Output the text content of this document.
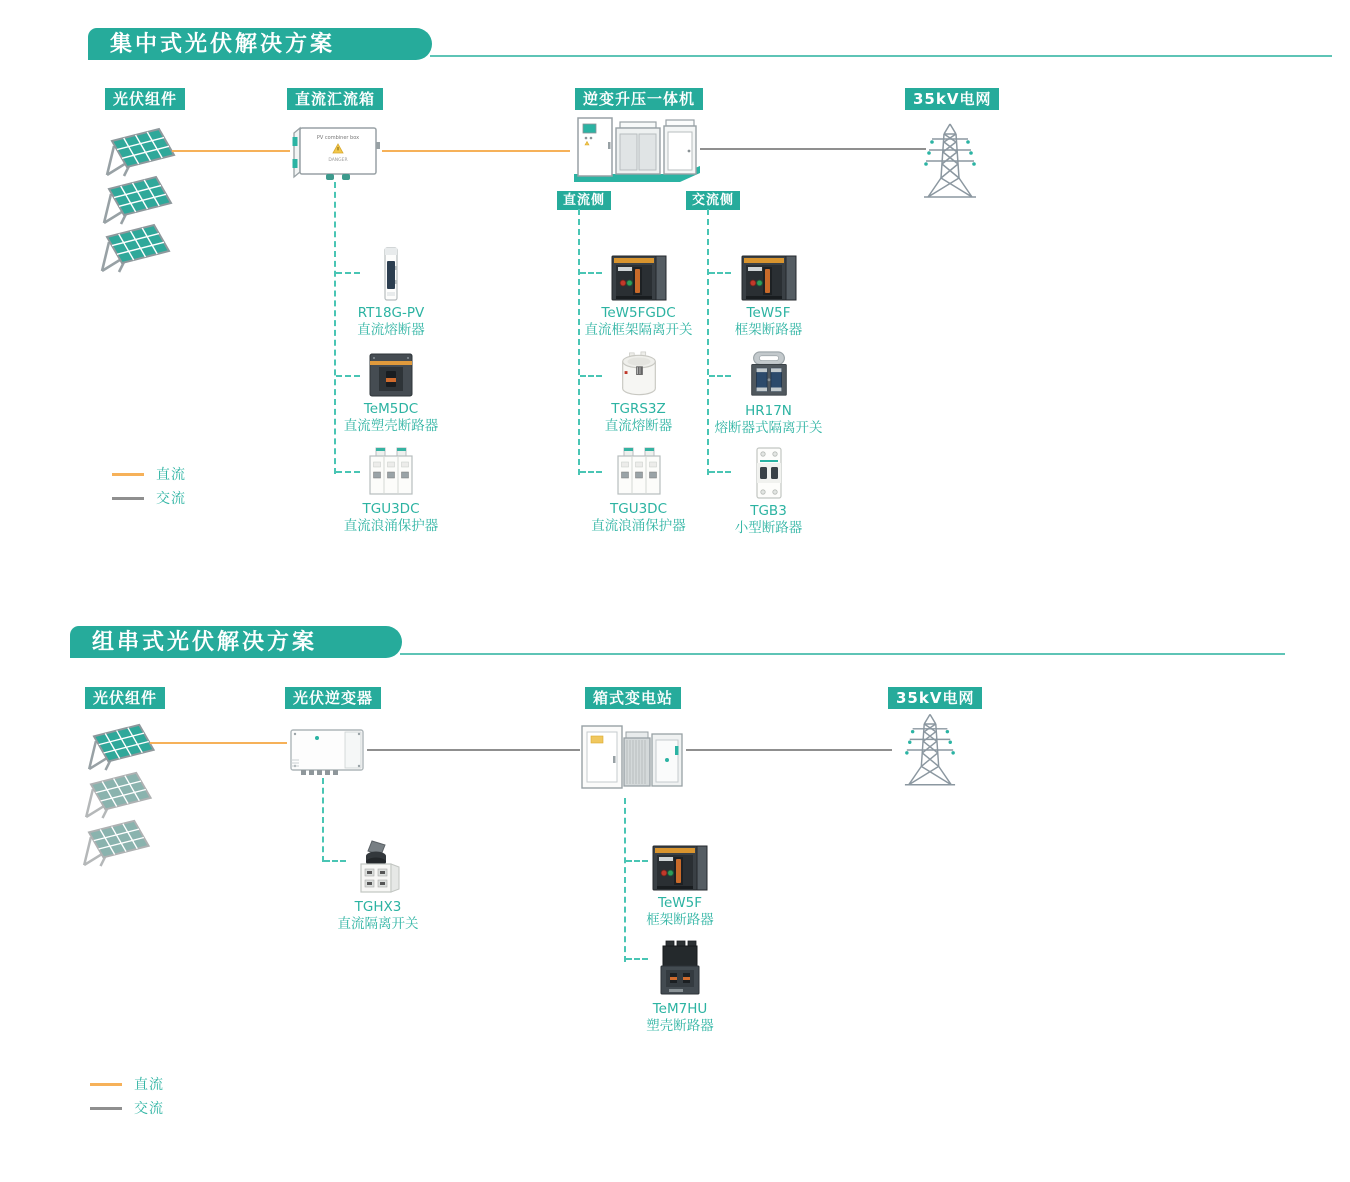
集中式光伏解决方案
光伏组件	直流汇流箱	逆变升压一体机	35kV电网
PV combiner box
DANGER
直流侧	交流侧
RT18G-PV
直流熔断器
TeM5DC
直流塑壳断路器
TGU3DC
直流浪涌保护器
TeW5FGDC
直流框架隔离开关
TGRS3Z
直流熔断器
TGU3DC
直流浪涌保护器
TeW5F
框架断路器
HR17N
熔断器式隔离开关
TGB3
小型断路器
直流
交流
组串式光伏解决方案
光伏组件	光伏逆变器	箱式变电站	35kV电网
TGHX3
直流隔离开关
TeW5F
框架断路器
TeM7HU
塑壳断路器
直流
交流
